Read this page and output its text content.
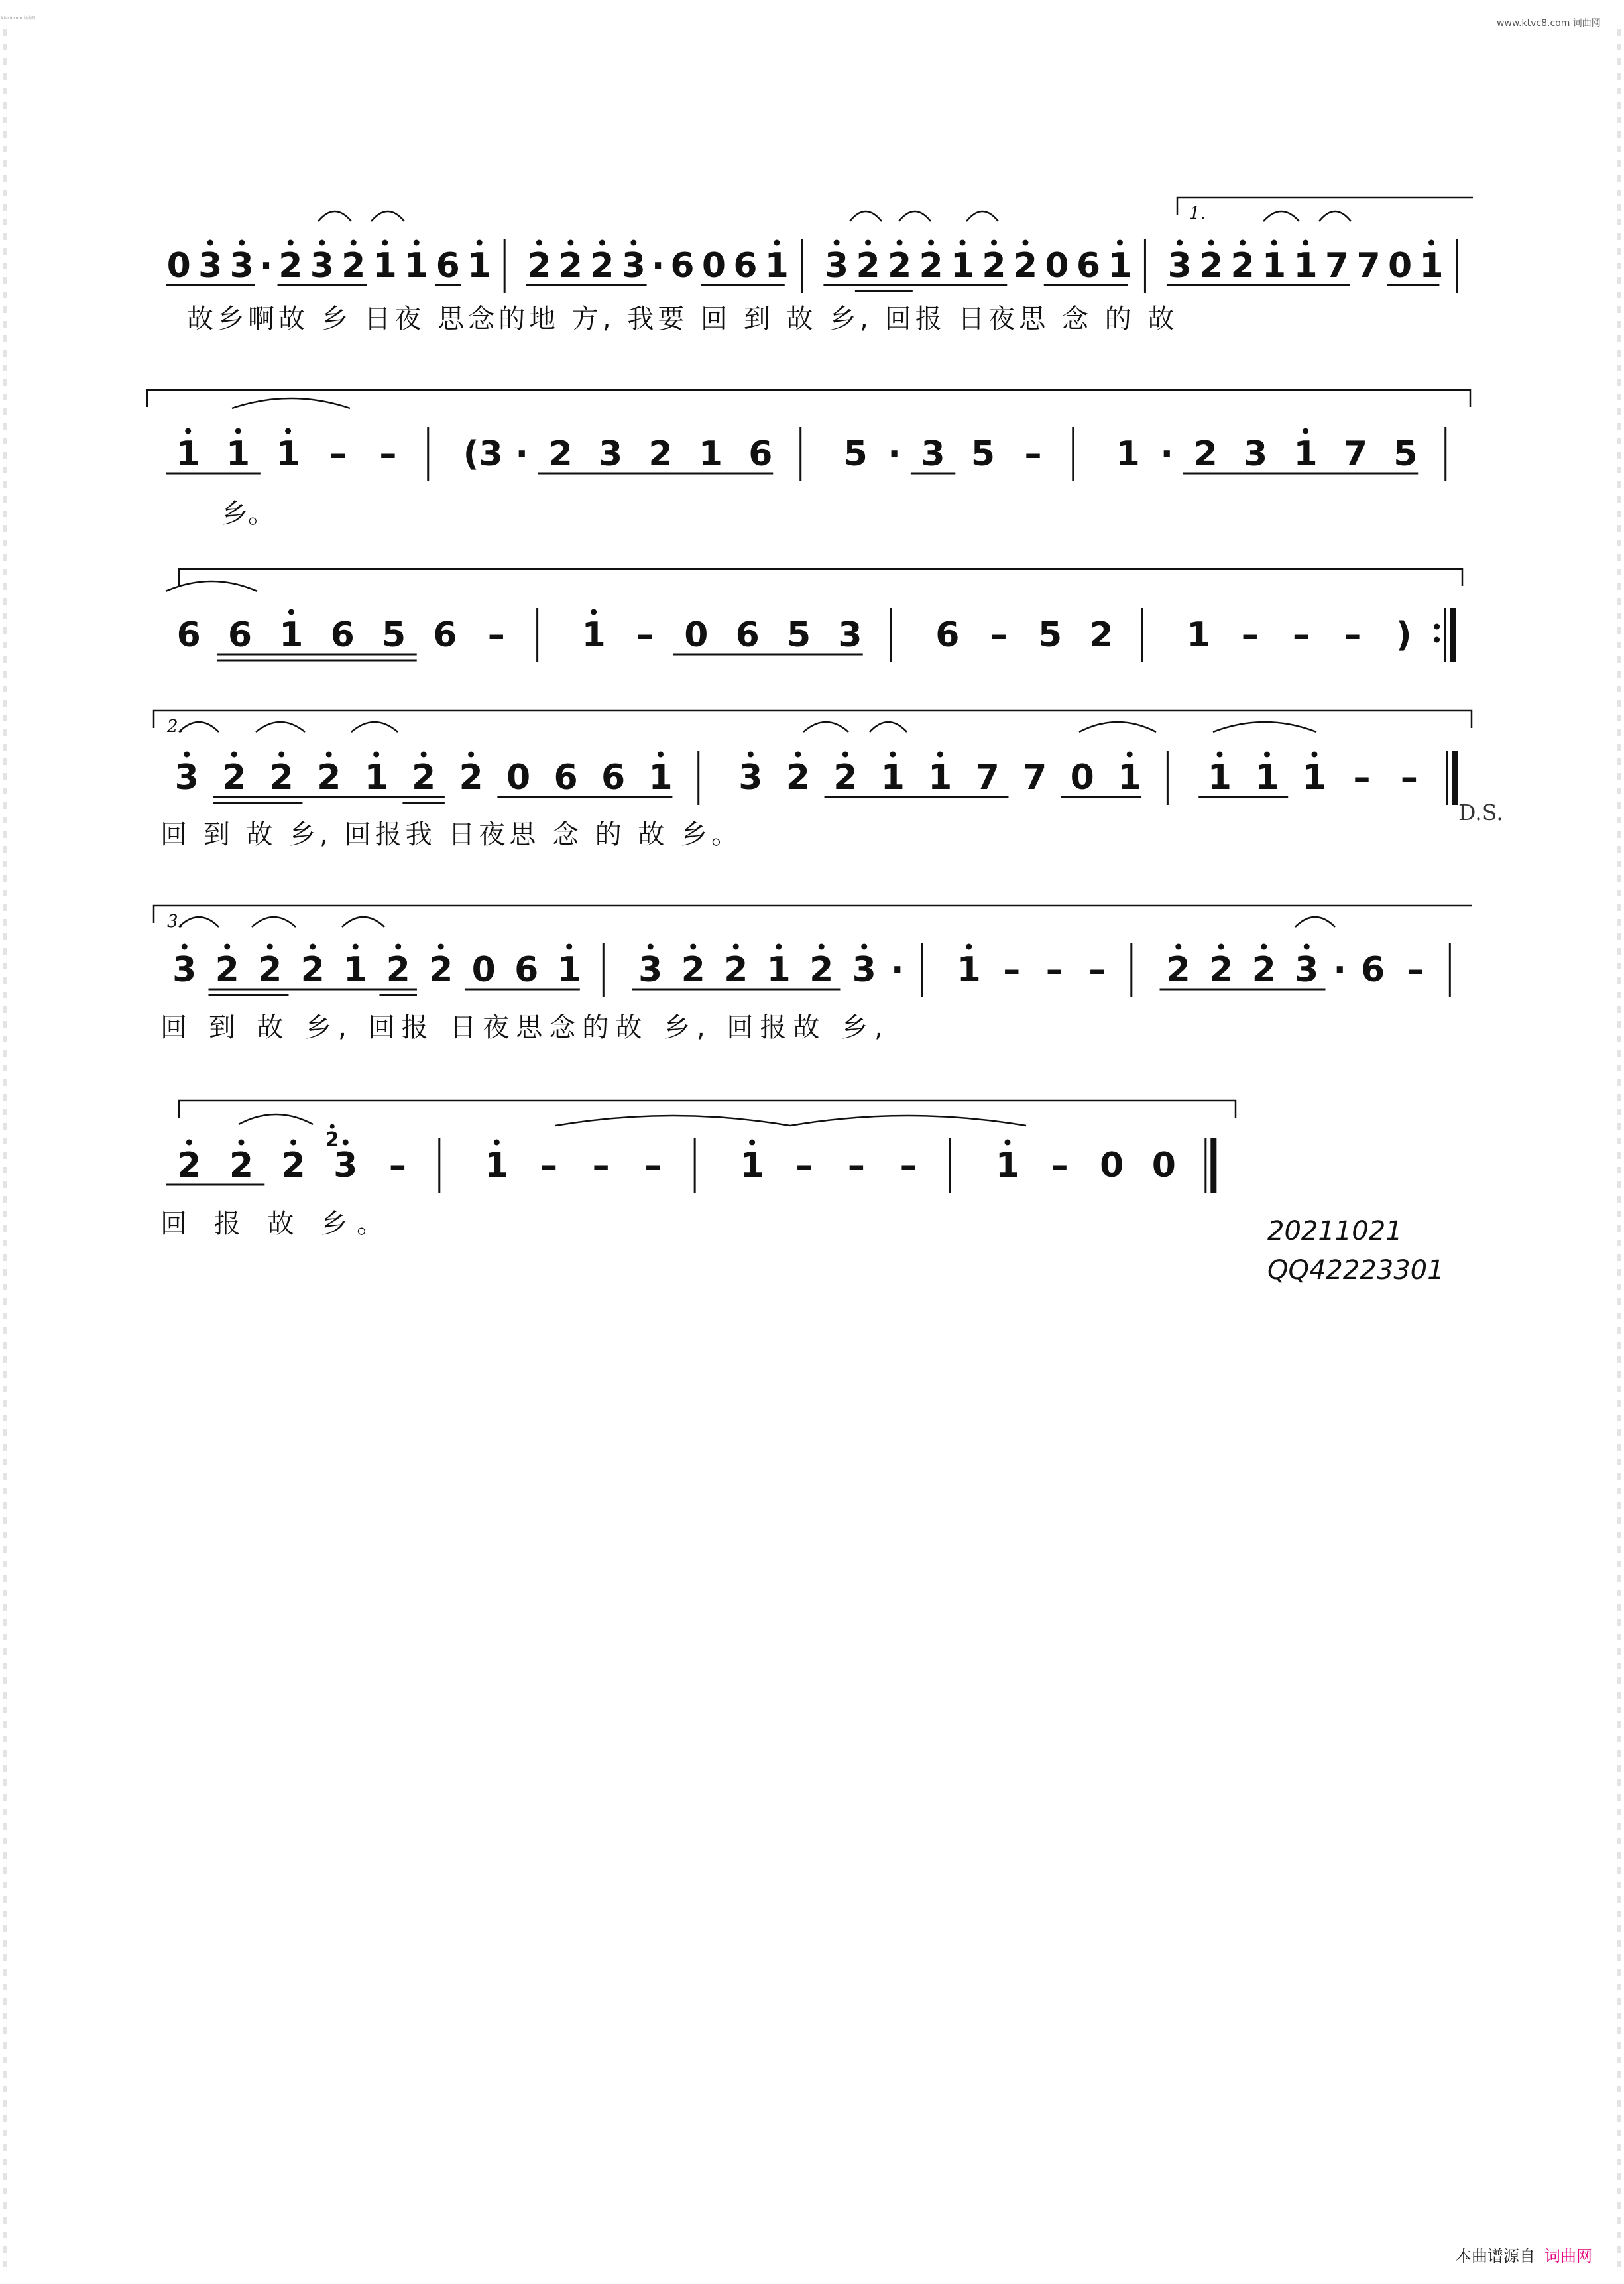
ktvc8.com 词曲网	www.ktvc8.com 词曲网
0 3 3 · 2 3 2 1 1 6 1 2 2 2 3 · 6 0 6 1 3 2 2 2 1 2 2 0 6 1 3 2 2 1 1 7 7 0 1
1 1 1 – – (3 · 2 3 2 1 6 5 · 3 5 – 1 · 2 3 1 7 5
6 6 1 6 5 6 – 1 – 0 6 5 3 6 – 5 2 1 – – – )
3 2 2 2 1 2 2 0 6 6 1 3 2 2 1 1 7 7 0 1 1 1 1 – –
3 2 2 2 1 2 2 0 6 1 3 2 2 1 2 3 · 1 – – – 2 2 2 3 · 6 –
2 2 2 3
2
– 1 – – – 1 – – – 1 – 0 0
1.
2.
3.
故乡啊故 乡 日夜 思念的地 方, 我要 回 到 故 乡, 回报 日夜思 念 的 故
乡。
回 到 故 乡, 回报我 日夜思 念 的 故 乡。
回 到 故 乡, 回报 日夜思念的故 乡, 回报故 乡,
回 报 故 乡。
D.S.
20211021
QQ42223301
本曲谱源自 词曲网
